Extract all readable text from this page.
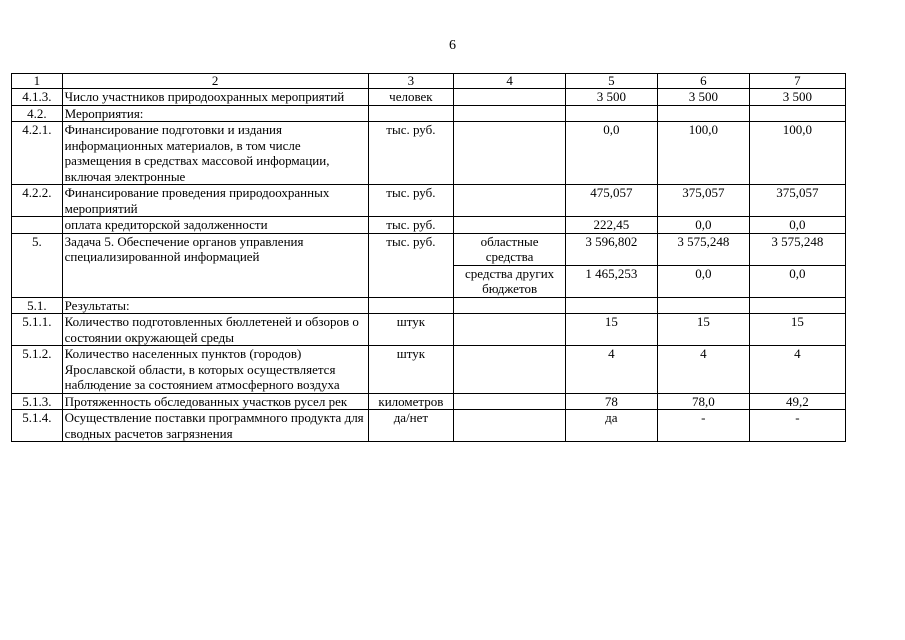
6
1	2	3	4	5	6	7
4.1.3.	Число участников природоохранных мероприятий	человек		3 500	3 500	3 500
4.2.	Мероприятия:					
4.2.1.	Финансирование подготовки и издания информационных материалов, в том числе размещения в средствах массовой информации, включая электронные	тыс. руб.		0,0	100,0	100,0
4.2.2.	Финансирование проведения природоохранных мероприятий	тыс. руб.		475,057	375,057	375,057
	оплата кредиторской задолженности	тыс. руб.		222,45	0,0	0,0
5.	Задача 5. Обеспечение органов управления специализированной информацией	тыс. руб.	областные средства	3 596,802	3 575,248	3 575,248
			средства других бюджетов	1 465,253	0,0	0,0
5.1.	Результаты:					
5.1.1.	Количество подготовленных бюллетеней и обзоров о состоянии окружающей среды	штук		15	15	15
5.1.2.	Количество населенных пунктов (городов) Ярославской области, в которых осуществляется наблюдение за состоянием атмосферного воздуха	штук		4	4	4
5.1.3.	Протяженность обследованных участков русел рек	километров		78	78,0	49,2
5.1.4.	Осуществление поставки программного продукта для сводных расчетов загрязнения	да/нет		да	-	-
